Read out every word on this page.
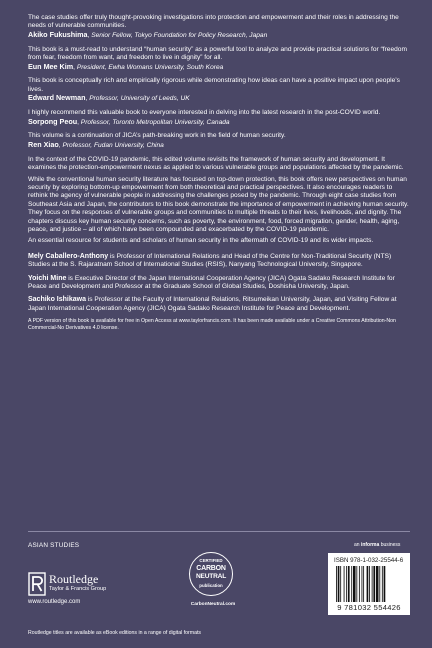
The case studies offer truly thought-provoking investigations into protection and empowerment and their roles in addressing the needs of vulnerable communities.

Akiko Fukushima, Senior Fellow, Tokyo Foundation for Policy Research, Japan

This book is a must-read to understand “human security” as a powerful tool to analyze and provide practical solutions for “freedom from fear, freedom from want, and freedom to live in dignity” for all.

Eun Mee Kim, President, Ewha Womans University, South Korea

This book is conceptually rich and empirically rigorous while demonstrating how ideas can have a positive impact upon people’s lives.

Edward Newman, Professor, University of Leeds, UK

I highly recommend this valuable book to everyone interested in delving into the latest research in the post-COVID world.

Sorpong Peou, Professor, Toronto Metropolitan University, Canada

This volume is a continuation of JICA’s path-breaking work in the field of human security.

Ren Xiao, Professor, Fudan University, China

In the context of the COVID-19 pandemic, this edited volume revisits the framework of human security and development. It examines the protection-empowerment nexus as applied to various vulnerable groups and populations affected by the pandemic.

While the conventional human security literature has focused on top-down protection, this book offers new perspectives on human security by exploring bottom-up empowerment from both theoretical and practical perspectives. It also encourages readers to rethink the agency of vulnerable people in addressing the challenges posed by the pandemic. Through eight case studies from Southeast Asia and Japan, the contributors to this book demonstrate the importance of empowerment in achieving human security. They focus on the responses of vulnerable groups and communities to multiple threats to their lives, livelihoods, and dignity. The chapters discuss key human security concerns, such as poverty, the environment, food, forced migration, gender, health, aging, peace, and justice – all of which have been compounded and exacerbated by the COVID-19 pandemic.

An essential resource for students and scholars of human security in the aftermath of COVID-19 and its wider impacts.

Mely Caballero-Anthony is Professor of International Relations and Head of the Centre for Non-Traditional Security (NTS) Studies at the S. Rajaratnam School of International Studies (RSIS), Nanyang Technological University, Singapore.

Yoichi Mine is Executive Director of the Japan International Cooperation Agency (JICA) Ogata Sadako Research Institute for Peace and Development and Professor at the Graduate School of Global Studies, Doshisha University, Japan.

Sachiko Ishikawa is Professor at the Faculty of International Relations, Ritsumeikan University, Japan, and Visiting Fellow at Japan International Cooperation Agency (JICA) Ogata Sadako Research Institute for Peace and Development.

A PDF version of this book is available for free in Open Access at www.taylorfrancis.com. It has been made available under a Creative Commons Attribution-Non Commercial-No Derivatives 4.0 license.

ASIAN STUDIES
Routledge
Taylor & Francis Group
www.routledge.com
CERTIFIED
CARBON
NEUTRAL
publication
CarbonNeutral.com
an informa business
ISBN 978-1-032-25544-6
9 781032 554426
Routledge titles are available as eBook editions in a range of digital formats
